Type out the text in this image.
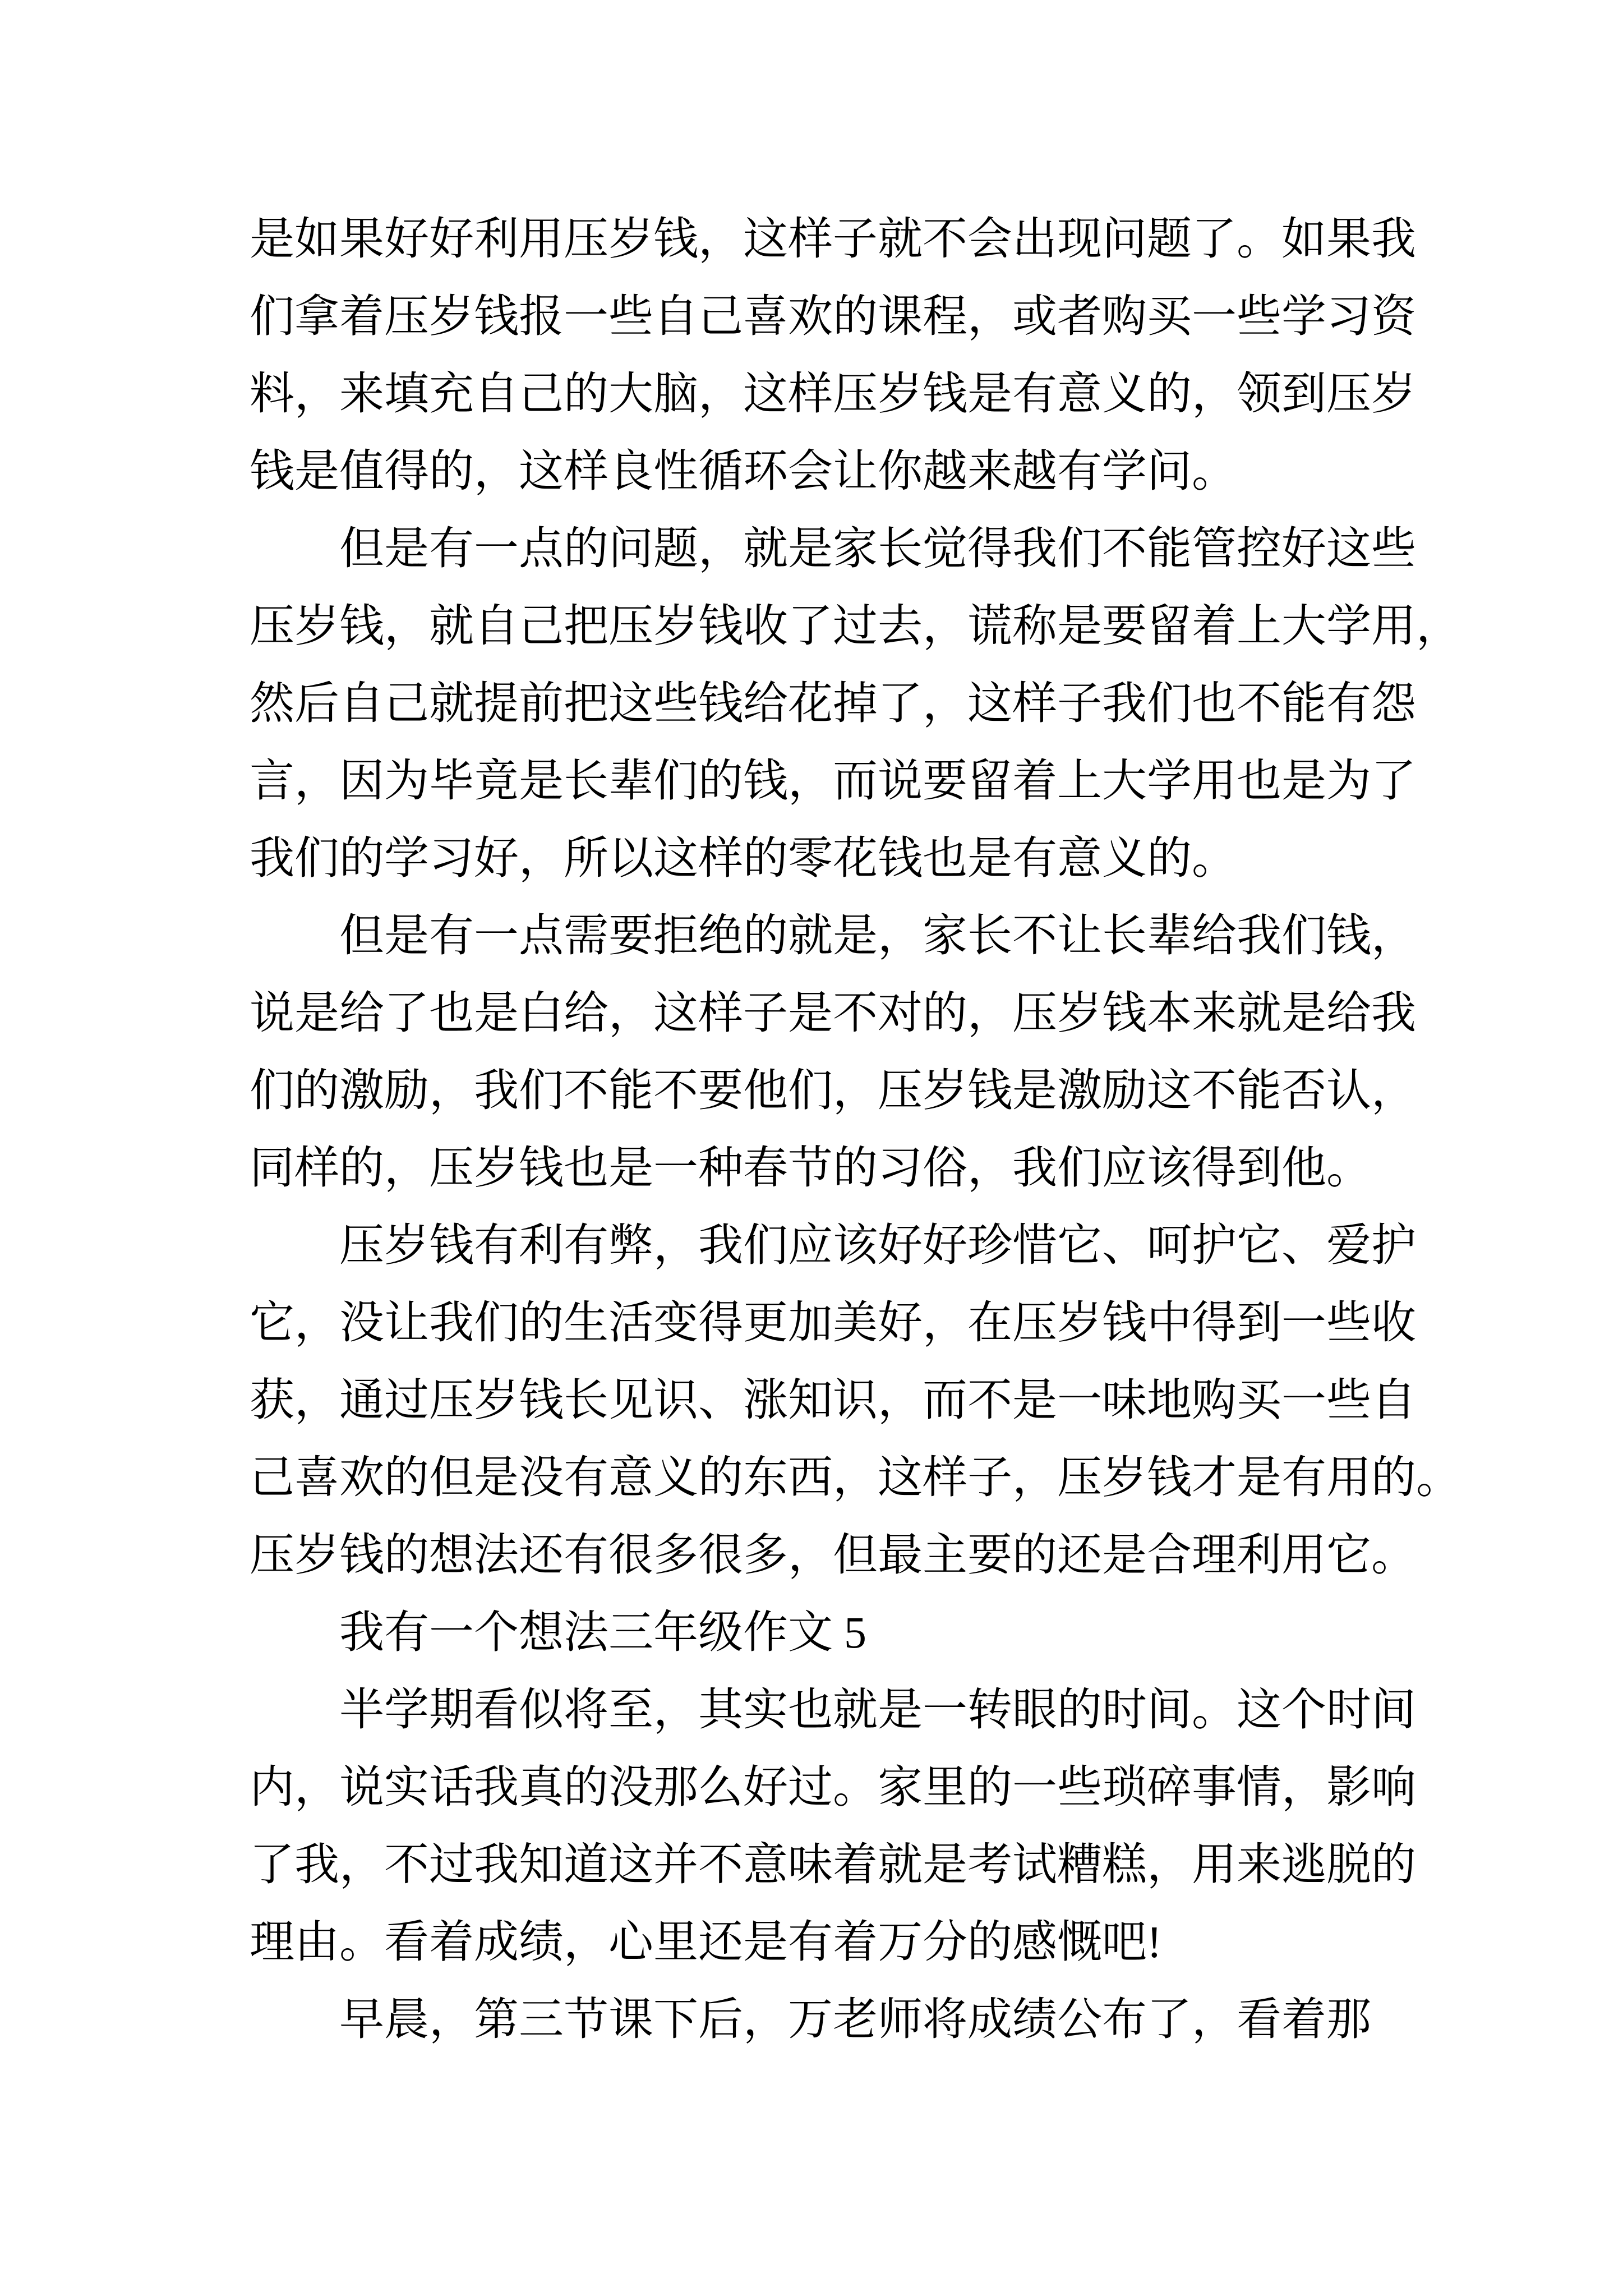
是如果好好利用压岁钱，这样子就不会出现问题了。如果我
们拿着压岁钱报一些自己喜欢的课程，或者购买一些学习资
料，来填充自己的大脑，这样压岁钱是有意义的，领到压岁
钱是值得的，这样良性循环会让你越来越有学问。
但是有一点的问题，就是家长觉得我们不能管控好这些
压岁钱，就自己把压岁钱收了过去，谎称是要留着上大学用，
然后自己就提前把这些钱给花掉了，这样子我们也不能有怨
言，因为毕竟是长辈们的钱，而说要留着上大学用也是为了
我们的学习好，所以这样的零花钱也是有意义的。
但是有一点需要拒绝的就是，家长不让长辈给我们钱，
说是给了也是白给，这样子是不对的，压岁钱本来就是给我
们的激励，我们不能不要他们，压岁钱是激励这不能否认，
同样的，压岁钱也是一种春节的习俗，我们应该得到他。
压岁钱有利有弊，我们应该好好珍惜它、呵护它、爱护
它，没让我们的生活变得更加美好，在压岁钱中得到一些收
获，通过压岁钱长见识、涨知识，而不是一味地购买一些自
己喜欢的但是没有意义的东西，这样子，压岁钱才是有用的。
压岁钱的想法还有很多很多，但最主要的还是合理利用它。
我有一个想法三年级作文 5
半学期看似将至，其实也就是一转眼的时间。这个时间
内，说实话我真的没那么好过。家里的一些琐碎事情，影响
了我，不过我知道这并不意味着就是考试糟糕，用来逃脱的
理由。看着成绩，心里还是有着万分的感慨吧!
早晨，第三节课下后，万老师将成绩公布了，看着那
